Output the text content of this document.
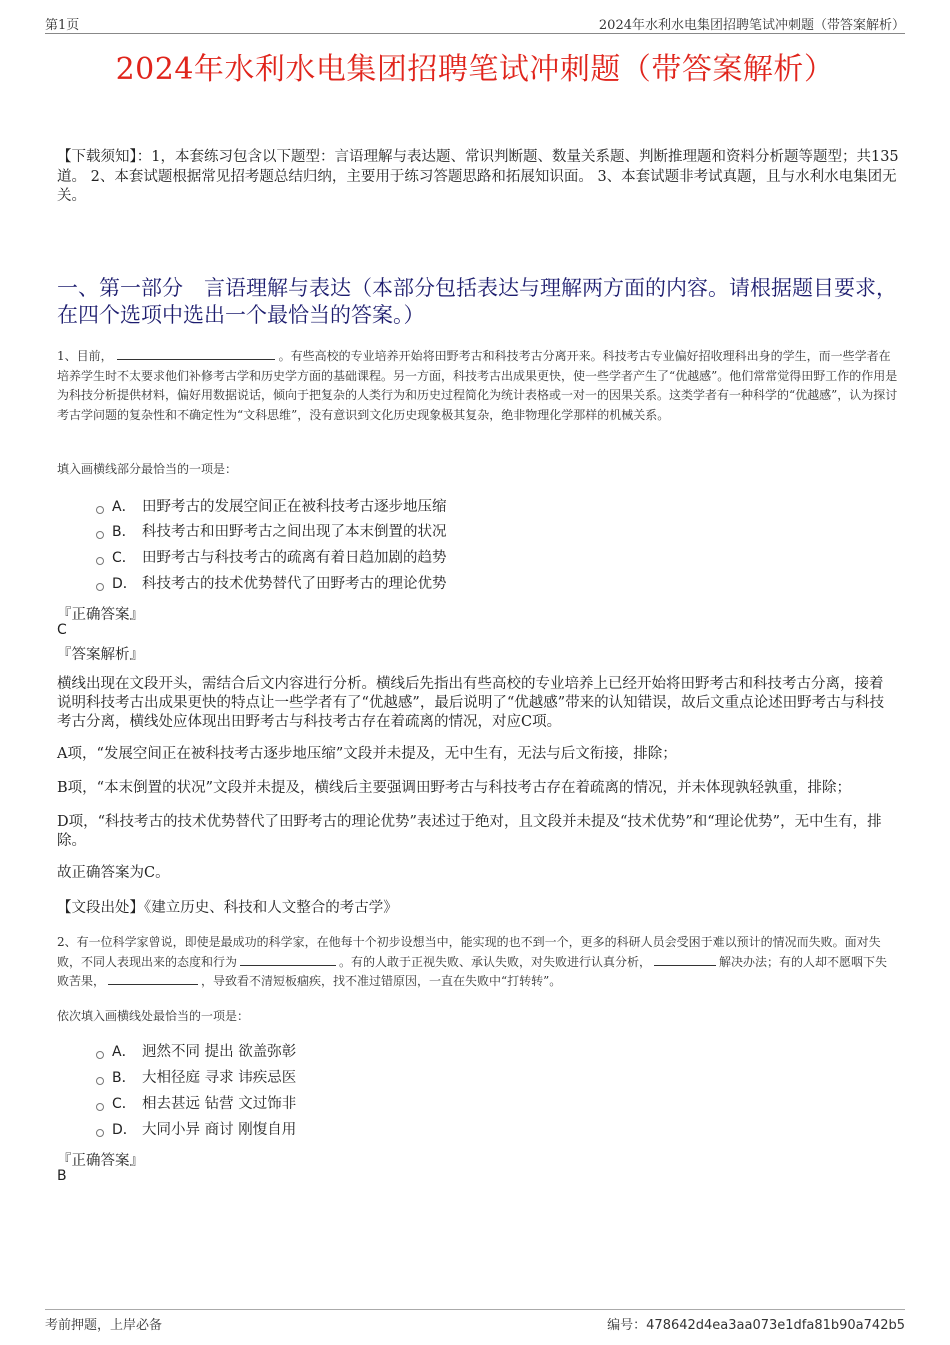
第1页	2024年水利水电集团招聘笔试冲刺题（带答案解析）
2024年水利水电集团招聘笔试冲刺题（带答案解析）
【下载须知】：1，本套练习包含以下题型：言语理解与表达题、常识判断题、数量关系题、判断推理题和资料分析题等题型；共135道。 2、本套试题根据常见招考题总结归纳，主要用于练习答题思路和拓展知识面。 3、本套试题非考试真题，且与水利水电集团无关。
一、第一部分　言语理解与表达（本部分包括表达与理解两方面的内容。请根据题目要求，在四个选项中选出一个最恰当的答案。）
1、目前，	。有些高校的专业培养开始将田野考古和科技考古分离开来。科技考古专业偏好招收理科出身的学生，而一些学者在培养学生时不太要求他们补修考古学和历史学方面的基础课程。另一方面，科技考古出成果更快，使一些学者产生了“优越感”。他们常常觉得田野工作的作用是为科技分析提供材料，偏好用数据说话，倾向于把复杂的人类行为和历史过程简化为统计表格或一对一的因果关系。这类学者有一种科学的“优越感”，认为探讨考古学问题的复杂性和不确定性为“文科思维”，没有意识到文化历史现象极其复杂，绝非物理化学那样的机械关系。
填入画横线部分最恰当的一项是：
A． 田野考古的发展空间正在被科技考古逐步地压缩
B． 科技考古和田野考古之间出现了本末倒置的状况
C． 田野考古与科技考古的疏离有着日趋加剧的趋势
D． 科技考古的技术优势替代了田野考古的理论优势
『正确答案』
C
『答案解析』
横线出现在文段开头，需结合后文内容进行分析。横线后先指出有些高校的专业培养上已经开始将田野考古和科技考古分离，接着说明科技考古出成果更快的特点让一些学者有了“优越感”，最后说明了“优越感”带来的认知错误，故后文重点论述田野考古与科技考古分离，横线处应体现出田野考古与科技考古存在着疏离的情况，对应C项。
A项，“发展空间正在被科技考古逐步地压缩”文段并未提及，无中生有，无法与后文衔接，排除；
B项，“本末倒置的状况”文段并未提及，横线后主要强调田野考古与科技考古存在着疏离的情况，并未体现孰轻孰重，排除；
D项，“科技考古的技术优势替代了田野考古的理论优势”表述过于绝对，且文段并未提及“技术优势”和“理论优势”，无中生有，排除。
故正确答案为C。
【文段出处】《建立历史、科技和人文整合的考古学》
2、有一位科学家曾说，即使是最成功的科学家，在他每十个初步设想当中，能实现的也不到一个，更多的科研人员会受困于难以预计的情况而失败。面对失败，不同人表现出来的态度和行为	。有的人敢于正视失败、承认失败，对失败进行认真分析，	解决办法；有的人却不愿咽下失败苦果，	，导致看不清短板痼疾，找不准过错原因，一直在失败中“打转转”。
依次填入画横线处最恰当的一项是：
A． 迥然不同 提出 欲盖弥彰
B． 大相径庭 寻求 讳疾忌医
C． 相去甚远 钻营 文过饰非
D． 大同小异 商讨 刚愎自用
『正确答案』
B
考前押题，上岸必备	编号：478642d4ea3aa073e1dfa81b90a742b5
